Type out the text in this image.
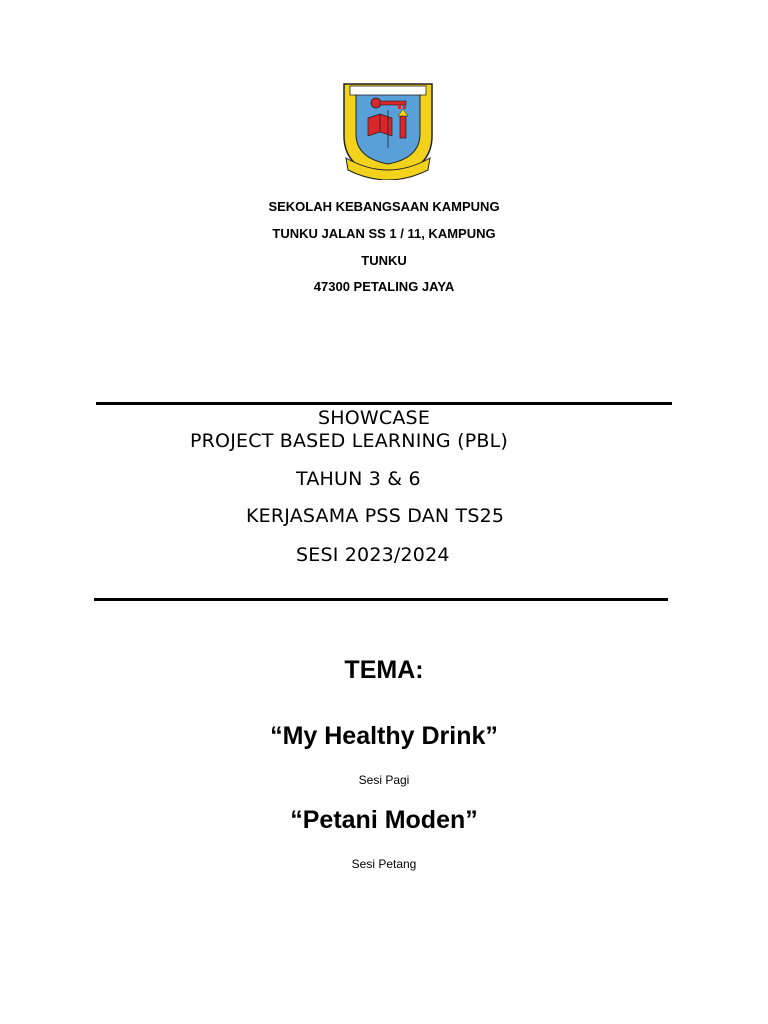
SEKOLAH KEBANGSAAN KAMPUNG
TUNKU JALAN SS 1 / 11, KAMPUNG
TUNKU
47300 PETALING JAYA
SHOWCASE
PROJECT BASED LEARNING (PBL)
TAHUN 3 & 6
KERJASAMA PSS DAN TS25
SESI 2023/2024
TEMA:
“My Healthy Drink”
Sesi Pagi
“Petani Moden”
Sesi Petang
